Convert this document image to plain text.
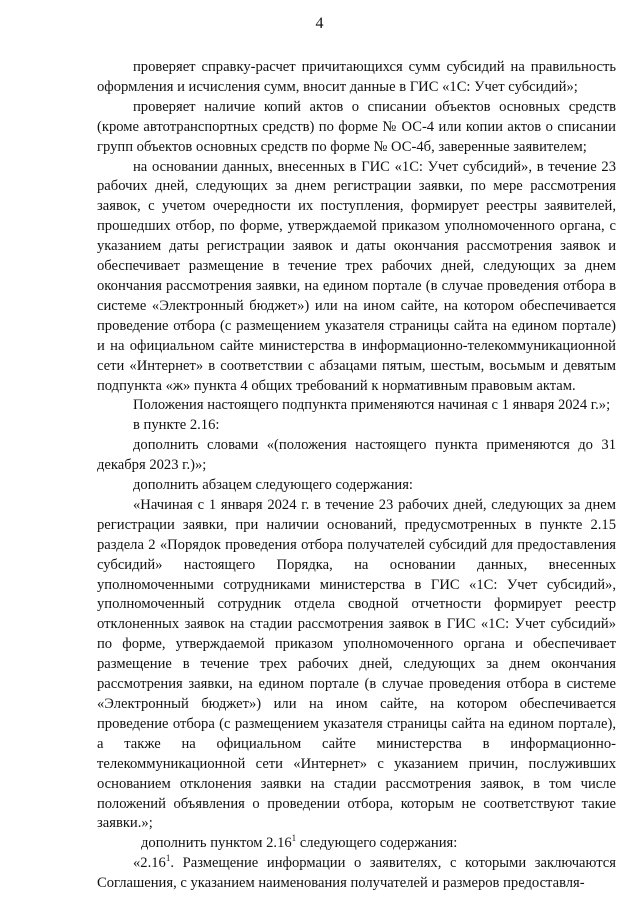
4

проверяет справку-расчет причитающихся сумм субсидий на правильность оформления и исчисления сумм, вносит данные в ГИС «1С: Учет субсидий»;

проверяет наличие копий актов о списании объектов основных средств (кроме автотранспортных средств) по форме № ОС-4 или копии актов о списании групп объектов основных средств по форме № ОС-4б, заверенные заявителем;

на основании данных, внесенных в ГИС «1С: Учет субсидий», в течение 23 рабочих дней, следующих за днем регистрации заявки, по мере рассмотрения заявок, с учетом очередности их поступления, формирует реестры заявителей, прошедших отбор, по форме, утверждаемой приказом уполномоченного органа, с указанием даты регистрации заявок и даты окончания рассмотрения заявок и обеспечивает размещение в течение трех рабочих дней, следующих за днем окончания рассмотрения заявки, на едином портале (в случае проведения отбора в системе «Электронный бюджет») или на ином сайте, на котором обеспечивается проведение отбора (с размещением указателя страницы сайта на едином портале) и на официальном сайте министерства в информационно-телекоммуникационной сети «Интернет» в соответствии с абзацами пятым, шестым, восьмым и девятым подпункта «ж» пункта 4 общих требований к нормативным правовым актам.

Положения настоящего подпункта применяются начиная с 1 января 2024 г.»;

в пункте 2.16:

дополнить словами «(положения настоящего пункта применяются до 31 декабря 2023 г.)»;

дополнить абзацем следующего содержания:

«Начиная с 1 января 2024 г. в течение 23 рабочих дней, следующих за днем регистрации заявки, при наличии оснований, предусмотренных в пункте 2.15 раздела 2 «Порядок проведения отбора получателей субсидий для предоставления субсидий» настоящего Порядка, на основании данных, внесенных уполномоченными сотрудниками министерства в ГИС «1С: Учет субсидий», уполномоченный сотрудник отдела сводной отчетности формирует реестр отклоненных заявок на стадии рассмотрения заявок в ГИС «1С: Учет субсидий» по форме, утверждаемой приказом уполномоченного органа и обеспечивает размещение в течение трех рабочих дней, следующих за днем окончания рассмотрения заявки, на едином портале (в случае проведения отбора в системе «Электронный бюджет») или на ином сайте, на котором обеспечивается проведение отбора (с размещением указателя страницы сайта на едином портале), а также на официальном сайте министерства в информационно-телекоммуникационной сети «Интернет» с указанием причин, послуживших основанием отклонения заявки на стадии рассмотрения заявок, в том числе положений объявления о проведении отбора, которым не соответствуют такие заявки.»;

дополнить пунктом 2.16$^1$ следующего содержания:

«2.16$^1$. Размещение информации о заявителях, с которыми заключаются Соглашения, с указанием наименования получателей и размеров предоставля-
